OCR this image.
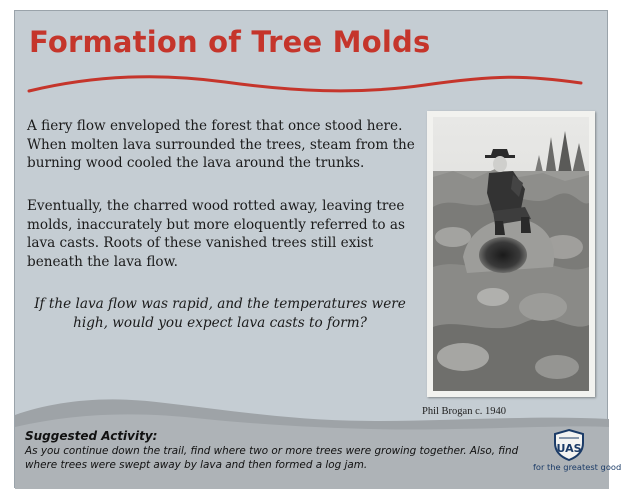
Formation of Tree Molds

A fiery flow enveloped the forest that once stood here. When molten lava surrounded the trees, steam from the burning wood cooled the lava around the trunks.

Eventually, the charred wood rotted away, leaving tree molds, inaccurately but more eloquently referred to as lava casts. Roots of these vanished trees still exist beneath the lava flow.

If the lava flow was rapid, and the temperatures were high, would you expect lava casts to form?

Phil Brogan c. 1940

Suggested Activity:

As you continue down the trail, find where two or more trees were growing together. Also, find where trees were swept away by lava and then formed a log jam.

UAS
for the greatest good
